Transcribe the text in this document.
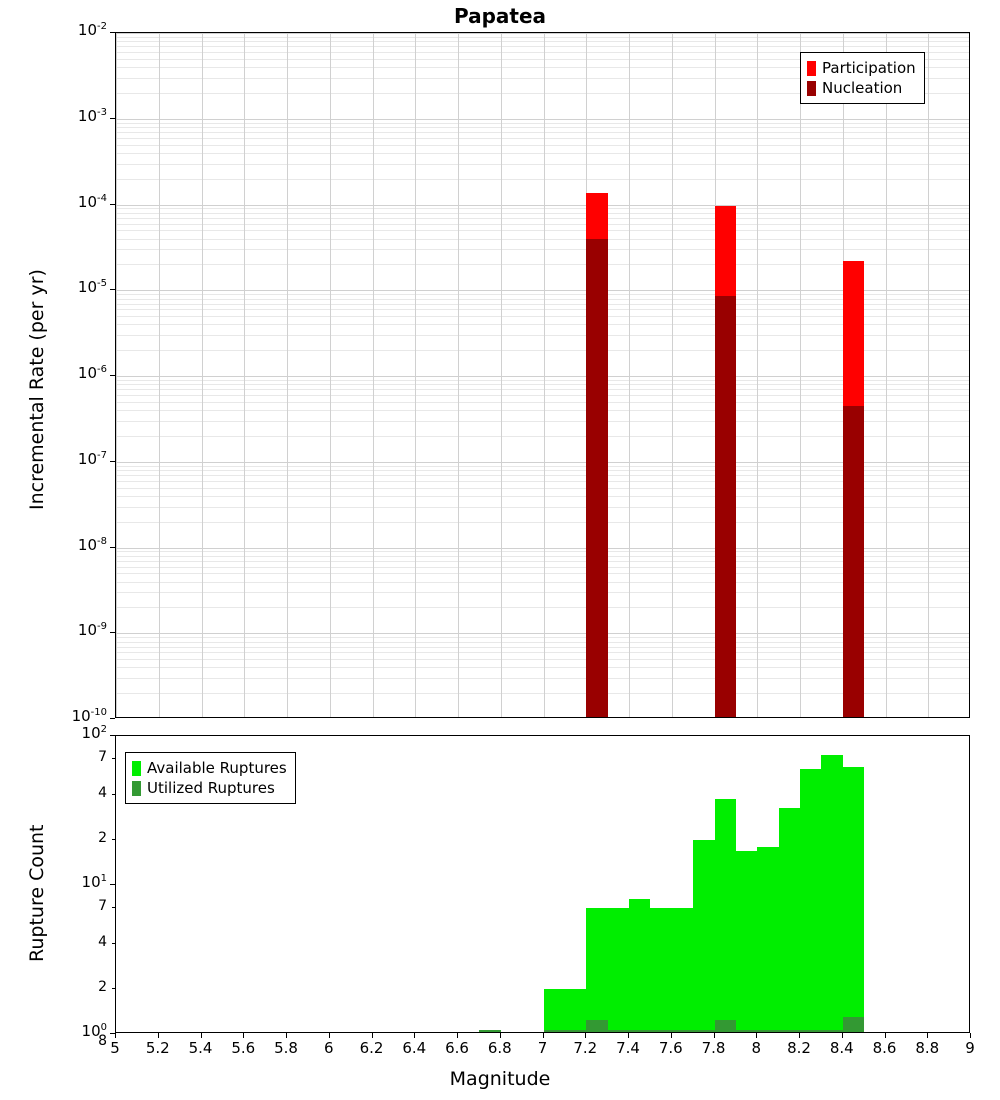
Papatea
$10^{-2}$
$10^{-3}$
$10^{-4}$
$10^{-5}$
$10^{-6}$
$10^{-7}$
$10^{-8}$
$10^{-9}$
$10^{-10}$
Participation
Nucleation
Incremental Rate (per yr)
$10^0$
$10^1$
$10^2$
2
4
7
2
4
7
8 5	5.2	5.4	5.6	5.8	6	6.2	6.4	6.6	6.8	7	7.2	7.4	7.6	7.8	8	8.2	8.4	8.6	8.8	9
Available Ruptures
Utilized Ruptures
Rupture Count
Magnitude
